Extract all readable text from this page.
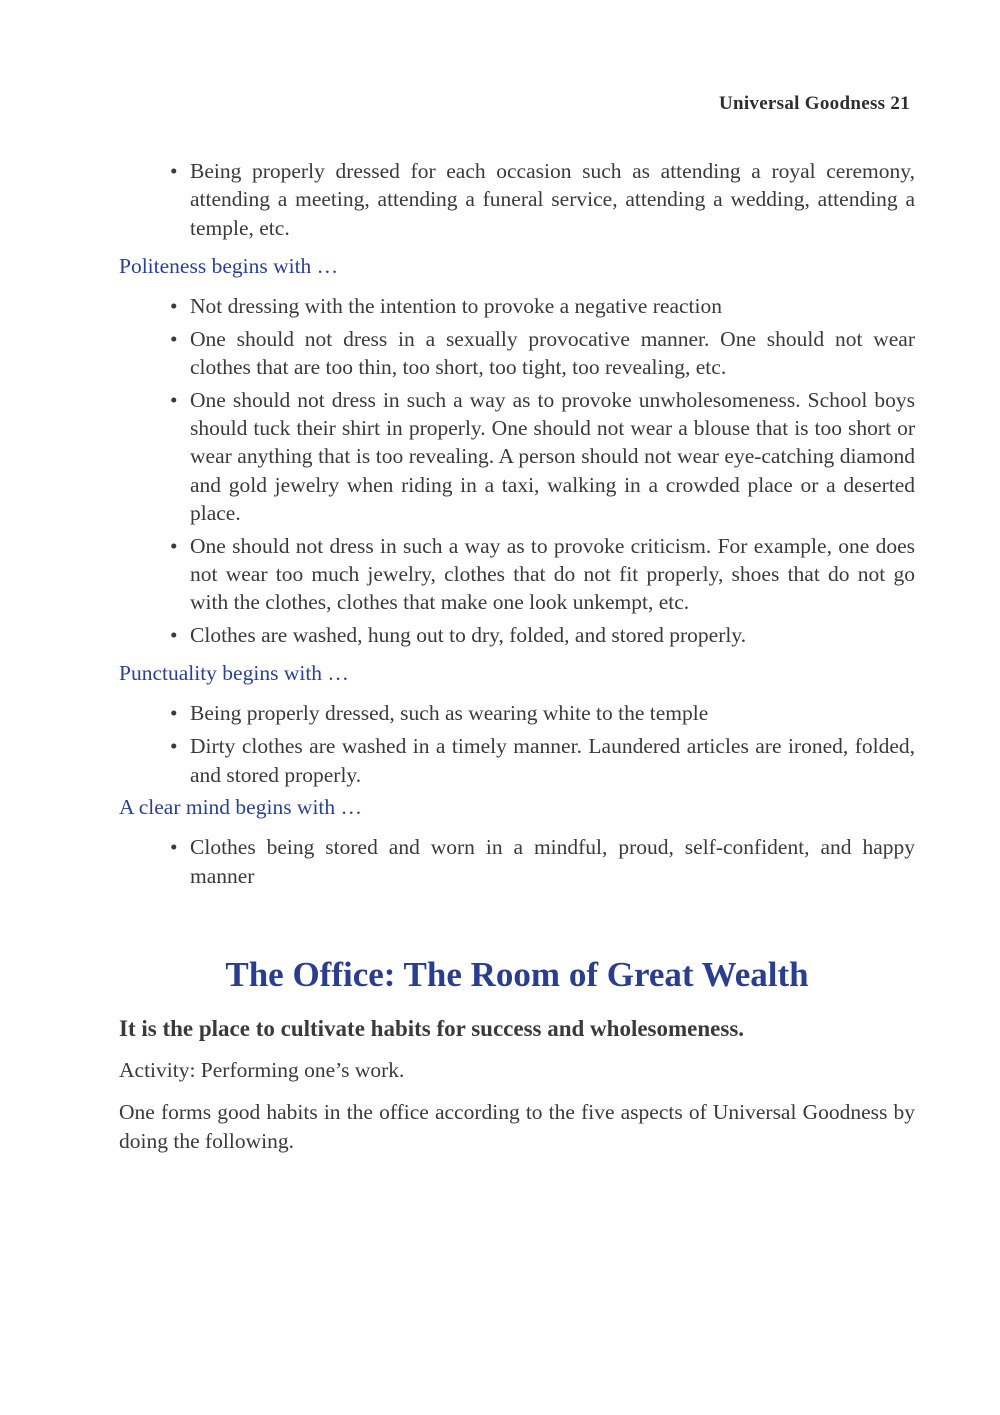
Universal Goodness 21
• Being properly dressed for each occasion such as attending a royal ceremony, attending a meeting, attending a funeral service, attending a wedding, attending a temple, etc.

Politeness begins with …

• Not dressing with the intention to provoke a negative reaction
• One should not dress in a sexually provocative manner. One should not wear clothes that are too thin, too short, too tight, too revealing, etc.
• One should not dress in such a way as to provoke unwholesomeness. School boys should tuck their shirt in properly. One should not wear a blouse that is too short or wear anything that is too revealing. A person should not wear eye-catching diamond and gold jewelry when riding in a taxi, walking in a crowded place or a deserted place.
• One should not dress in such a way as to provoke criticism. For example, one does not wear too much jewelry, clothes that do not fit properly, shoes that do not go with the clothes, clothes that make one look unkempt, etc.
• Clothes are washed, hung out to dry, folded, and stored properly.

Punctuality begins with …

• Being properly dressed, such as wearing white to the temple
• Dirty clothes are washed in a timely manner. Laundered articles are ironed, folded, and stored properly.

A clear mind begins with …

• Clothes being stored and worn in a mindful, proud, self-confident, and happy manner
The Office: The Room of Great Wealth

It is the place to cultivate habits for success and wholesomeness.

Activity: Performing one’s work.

One forms good habits in the office according to the five aspects of Universal Goodness by doing the following.
